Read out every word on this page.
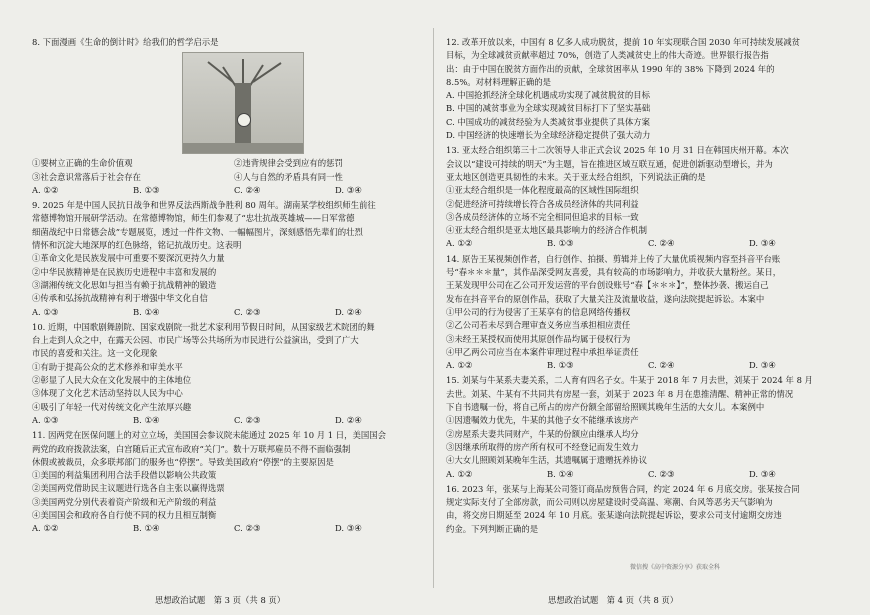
8. 下面漫画《生命的倒计时》给我们的哲学启示是
①要树立正确的生命价值观	②违背规律会受到应有的惩罚
③社会意识常落后于社会存在	④人与自然的矛盾具有同一性
A. ①②	B. ①③	C. ②④	D. ③④
9. 2025 年是中国人民抗日战争和世界反法西斯战争胜利 80 周年。湖南某学校组织师生前往
常德博物馆开展研学活动。在常德博物馆，师生们参观了“忠壮抗战英雄城——日军常德
细菌战纪中日常德会战”专题展览，透过一件件文物、一幅幅图片，深刻感悟先辈们的壮烈
情怀和沉淀大地深厚的红色脉络，铭记抗战历史。这表明
①革命文化是民族发展中可重要不要深沉更持久力量
②中华民族精神是在民族历史进程中丰富和发展的
③湖湘传统文化思如与担当有赖于抗战精神的锻造
④传承和弘扬抗战精神有利于增强中华文化自信
A. ①③	B. ①④	C. ②③	D. ②④
10. 近期，中国歌剧舞剧院、国家戏剧院一批艺术家利用节假日时间，从国家级艺术院团的舞
台上走到人众之中，在露天公园、市民广场等公共场所为市民进行公益演出，受到了广大
市民的喜爱和关注。这一文化现象
①有助于提高公众的艺术修养和审美水平
②彰显了人民大众在文化发展中的主体地位
③体现了文化艺术活动坚持以人民为中心
④吸引了年轻一代对传统文化产生浓厚兴趣
A. ①③	B. ①④	C. ②③	D. ②④
11. 因两党在医保问题上的对立立场，美国国会参议院未能通过 2025 年 10 月 1 日，美国国会
两党的政府拨款法案，白宫随后正式宣布政府“关门”。数十万联邦雇员不得不面临强制
休假或被裁员，众多联邦部门的服务也“停摆”。导致美国政府“停摆”的主要原因是
①美国的利益集团利用合法手段借以影响公共政策
②美国两党借助民主议题进行选各自主张以赢得选票
③美国两党分别代表着资产阶级和无产阶级的利益
④美国国会和政府各自行使不同的权力且相互制衡
A. ①②	B. ①④	C. ②③	D. ③④
12. 改革开放以来，中国有 8 亿多人成功脱贫，提前 10 年实现联合国 2030 年可持续发展减贫
目标，为全球减贫贡献率超过 70%，创造了人类减贫史上的伟大奇迹。世界银行报告指
出：由于中国在脱贫方面作出的贡献，全球贫困率从 1990 年的 38% 下降到 2024 年的
8.5%。对材料理解正确的是
A. 中国抢抓经济全球化机遇成功实现了减贫脱贫的目标
B. 中国的减贫事业为全球实现减贫目标打下了坚实基础
C. 中国成功的减贫经验为人类减贫事业提供了具体方案
D. 中国经济的快速增长为全球经济稳定提供了强大动力
13. 亚太经合组织第三十二次领导人非正式会议 2025 年 10 月 31 日在韩国庆州开幕。本次
会议以“建设可持续的明天”为主题，旨在推进区域互联互通，促进创新驱动型增长，并为
亚太地区创造更具韧性的未来。关于亚太经合组织，下列说法正确的是
①亚太经合组织是一体化程度最高的区域性国际组织
②促进经济可持续增长符合各成员经济体的共同利益
③各成员经济体的立场不完全相同但追求的目标一致
④亚太经合组织是亚太地区最具影响力的经济合作机制
A. ①②	B. ①③	C. ②④	D. ③④
14. 原告王某视频创作者，自行创作、拍摄、剪辑并上传了大量优质视频内容至抖音平台账
号“春＊＊＊量”，其作品深受网友喜爱，具有较高的市场影响力，并收获大量粉丝。某日，
王某发现甲公司在乙公司开发运营的平台创设账号“春【＊＊＊】”，整体抄袭、搬运自己
发布在抖音平台的原创作品，获取了大量关注及流量收益，遂向法院提起诉讼。本案中
①甲公司的行为侵害了王某享有的信息网络传播权
②乙公司若未尽到合理审查义务应当承担相应责任
③未经王某授权而使用其原创作品均属于侵权行为
④甲乙两公司应当在本案件审理过程中承担举证责任
A. ①②	B. ①③	C. ②④	D. ③④
15. 刘某与牛某系夫妻关系，二人育有四名子女。牛某于 2018 年 7 月去世，刘某于 2024 年 8 月
去世。刘某、牛某有不共同共有房屋一套，刘某于 2023 年 8 月在患推清醒、精神正常的情况
下自书遗嘱一份，将自己所占的房产份额全部留给照顾其晚年生活的大女儿。本案例中
①因遗嘱效力优先，牛某的其他子女不能继承该房产
②房屋系夫妻共同财产，牛某的份额应由继承人均分
③因继承所取得的房产所有权可不经登记而发生效力
④大女儿照顾刘某晚年生活，其遗嘱属于遗赠抚养协议
A. ①②	B. ①④	C. ②③	D. ③④
16. 2023 年，张某与上海某公司签订商品房预售合同，约定 2024 年 6 月底交房。张某按合同
规定实际支付了全部房款，而公司则以房屋建设时受高温、寒潮、台风等恶劣天气影响为
由，将交房日期延至 2024 年 10 月底。张某遂向法院提起诉讼，要求公司支付逾期交房违
约金。下列判断正确的是
思想政治试题　第 3 页（共 8 页）	思想政治试题　第 4 页（共 8 页）
微信搜《高中资源分享》获取全科
